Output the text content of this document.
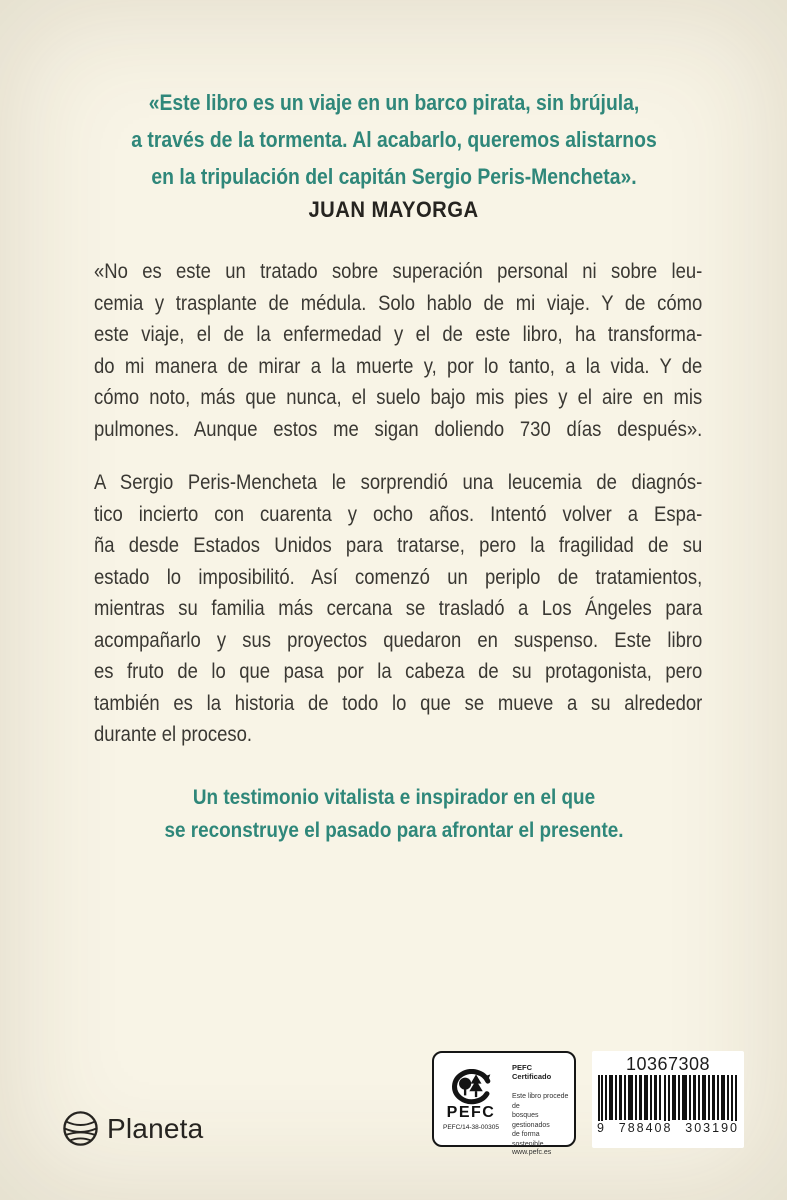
«Este libro es un viaje en un barco pirata, sin brújula,
a través de la tormenta. Al acabarlo, queremos alistarnos
en la tripulación del capitán Sergio Peris-Mencheta».
JUAN MAYORGA
«No es este un tratado sobre superación personal ni sobre leu-
cemia y trasplante de médula. Solo hablo de mi viaje. Y de cómo
este viaje, el de la enfermedad y el de este libro, ha transforma-
do mi manera de mirar a la muerte y, por lo tanto, a la vida. Y de
cómo noto, más que nunca, el suelo bajo mis pies y el aire en mis
pulmones. Aunque estos me sigan doliendo 730 días después».
A Sergio Peris-Mencheta le sorprendió una leucemia de diagnós-
tico incierto con cuarenta y ocho años. Intentó volver a Espa-
ña desde Estados Unidos para tratarse, pero la fragilidad de su
estado lo imposibilitó. Así comenzó un periplo de tratamientos,
mientras su familia más cercana se trasladó a Los Ángeles para
acompañarlo y sus proyectos quedaron en suspenso. Este libro
es fruto de lo que pasa por la cabeza de su protagonista, pero
también es la historia de todo lo que se mueve a su alrededor
durante el proceso.
Un testimonio vitalista e inspirador en el que
se reconstruye el pasado para afrontar el presente.
Planeta
PEFC
PEFC/14-38-00305
PEFC Certificado
Este libro procede de
bosques gestionados
de forma sostenible
www.pefc.es
10367308
9 788408 303190
